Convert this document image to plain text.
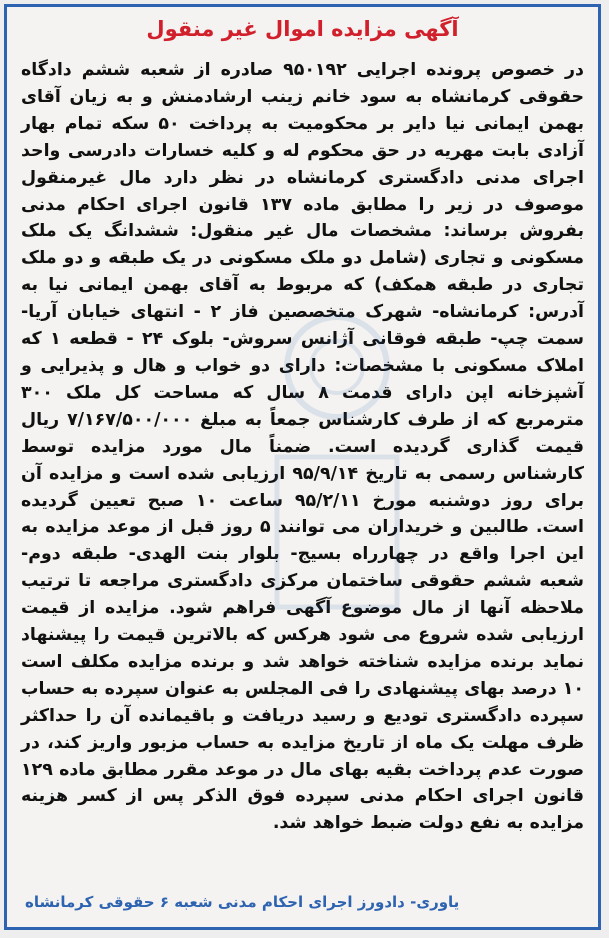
آگهی مزایده اموال غیر منقول
در خصوص پرونده اجرایی ۹۵۰۱۹۲ صادره از شعبه ششم دادگاه حقوقی کرمانشاه به سود خانم زینب ارشادمنش و به زیان آقای بهمن ایمانی نیا دایر بر محکومیت به پرداخت ۵۰ سکه تمام بهار آزادی بابت مهریه در حق محکوم له و کلیه خسارات دادرسی واحد اجرای مدنی دادگستری کرمانشاه در نظر دارد مال غیرمنقول موصوف در زیر را مطابق ماده ۱۳۷ قانون اجرای احکام مدنی بفروش برساند: مشخصات مال غیر منقول: ششدانگ یک ملک مسکونی و تجاری (شامل دو ملک مسکونی در یک طبقه و دو ملک تجاری در طبقه همکف) که مربوط به آقای بهمن ایمانی نیا به آدرس: کرمانشاه- شهرک متخصصین فاز ۲ - انتهای خیابان آریا- سمت چپ- طبقه فوقانی آژانس سروش- بلوک ۲۴ - قطعه ۱ که املاک مسکونی با مشخصات: دارای دو خواب و هال و پذیرایی و آشپزخانه اپن دارای قدمت ۸ سال که مساحت کل ملک ۳۰۰ مترمربع که از طرف کارشناس جمعاً به مبلغ ۷/۱۶۷/۵۰۰/۰۰۰ ریال قیمت گذاری گردیده است. ضمناً مال مورد مزایده توسط کارشناس رسمی به تاریخ ۹۵/۹/۱۴ ارزیابی شده است و مزایده آن برای روز دوشنبه مورخ ۹۵/۲/۱۱ ساعت ۱۰ صبح تعیین گردیده است. طالبین و خریداران می توانند ۵ روز قبل از موعد مزایده به این اجرا واقع در چهارراه بسیج- بلوار بنت الهدی- طبقه دوم- شعبه ششم حقوقی ساختمان مرکزی دادگستری مراجعه تا ترتیب ملاحظه آنها از مال موضوع آگهی فراهم شود. مزایده از قیمت ارزیابی شده شروع می شود هرکس که بالاترین قیمت را پیشنهاد نماید برنده مزایده شناخته خواهد شد و برنده مزایده مکلف است ۱۰ درصد بهای پیشنهادی را فی المجلس به عنوان سپرده به حساب سپرده دادگستری تودیع و رسید دریافت و باقیمانده آن را حداکثر ظرف مهلت یک ماه از تاریخ مزایده به حساب مزبور واریز کند، در صورت عدم پرداخت بقیه بهای مال در موعد مقرر مطابق ماده ۱۲۹ قانون اجرای احکام مدنی سپرده فوق الذکر پس از کسر هزینه مزایده به نفع دولت ضبط خواهد شد.
یاوری- دادورز اجرای احکام مدنی شعبه ۶ حقوقی کرمانشاه
